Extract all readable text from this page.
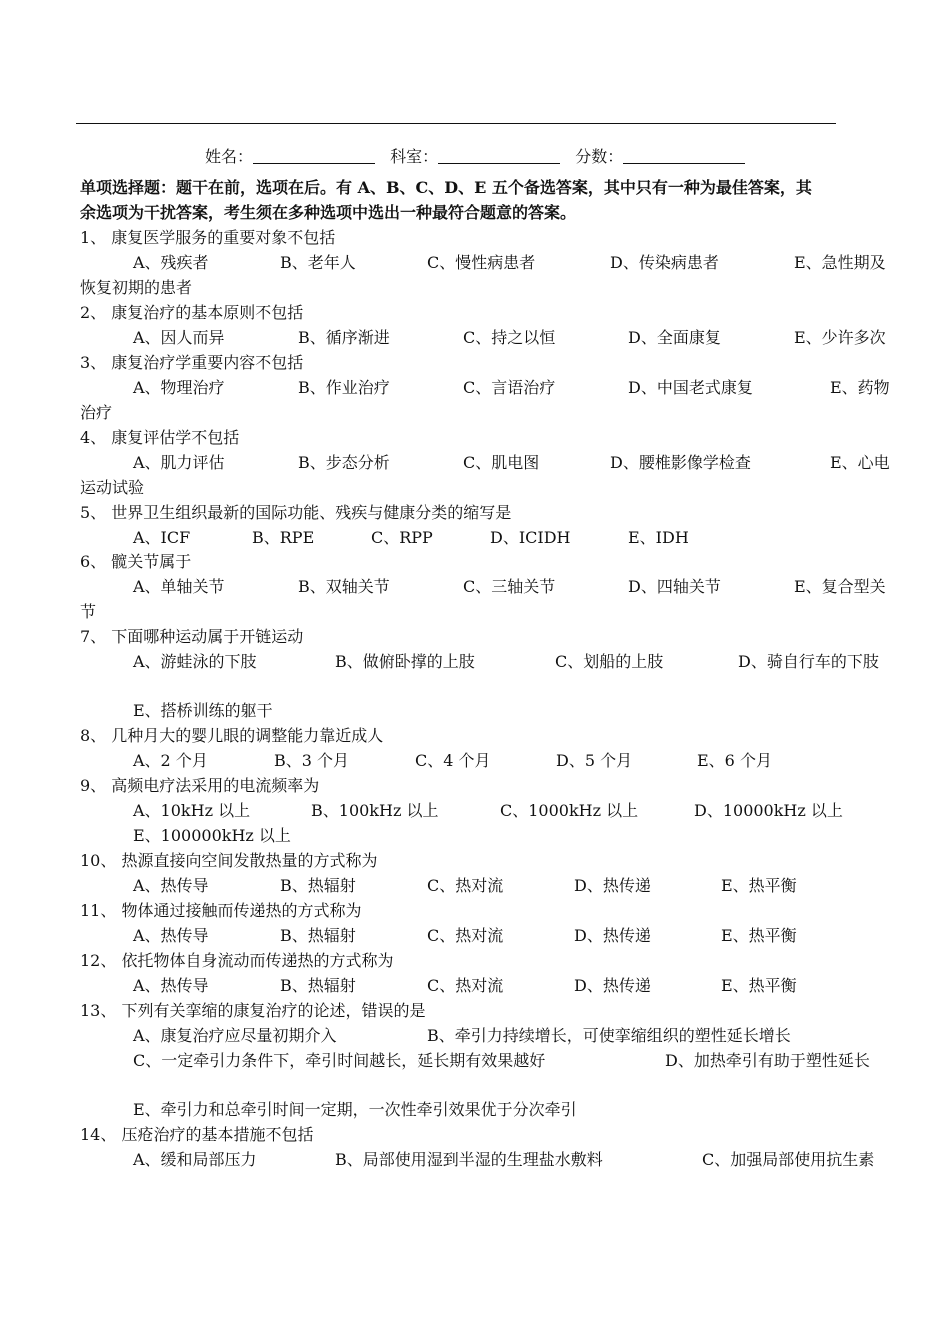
姓名：	科室：	分数：
单项选择题：题干在前，选项在后。有 A、B、C、D、E 五个备选答案，其中只有一种为最佳答案，其
余选项为干扰答案，考生须在多种选项中选出一种最符合题意的答案。
1、 康复医学服务的重要对象不包括
A、残疾者	B、老年人	C、慢性病患者	D、传染病患者	E、急性期及
恢复初期的患者
2、 康复治疗的基本原则不包括
A、因人而异	B、循序渐进	C、持之以恒	D、全面康复	E、少许多次
3、 康复治疗学重要内容不包括
A、物理治疗	B、作业治疗	C、言语治疗	D、中国老式康复	E、药物
治疗
4、 康复评估学不包括
A、肌力评估	B、步态分析	C、肌电图	D、腰椎影像学检查	E、心电
运动试验
5、 世界卫生组织最新的国际功能、残疾与健康分类的缩写是
A、ICF	B、RPE	C、RPP	D、ICIDH	E、IDH
6、 髋关节属于
A、单轴关节	B、双轴关节	C、三轴关节	D、四轴关节	E、复合型关
节
7、 下面哪种运动属于开链运动
A、游蛙泳的下肢	B、做俯卧撑的上肢	C、划船的上肢	D、骑自行车的下肢
E、搭桥训练的躯干
8、 几种月大的婴儿眼的调整能力靠近成人
A、2 个月	B、3 个月	C、4 个月	D、5 个月	E、6 个月
9、 高频电疗法采用的电流频率为
A、10kHz 以上	B、100kHz 以上	C、1000kHz 以上	D、10000kHz 以上
E、100000kHz 以上
10、 热源直接向空间发散热量的方式称为
A、热传导	B、热辐射	C、热对流	D、热传递	E、热平衡
11、 物体通过接触而传递热的方式称为
A、热传导	B、热辐射	C、热对流	D、热传递	E、热平衡
12、 依托物体自身流动而传递热的方式称为
A、热传导	B、热辐射	C、热对流	D、热传递	E、热平衡
13、 下列有关挛缩的康复治疗的论述，错误的是
A、康复治疗应尽量初期介入	B、牵引力持续增长，可使挛缩组织的塑性延长增长
C、一定牵引力条件下，牵引时间越长，延长期有效果越好	D、加热牵引有助于塑性延长
E、牵引力和总牵引时间一定期，一次性牵引效果优于分次牵引
14、 压疮治疗的基本措施不包括
A、缓和局部压力	B、局部使用湿到半湿的生理盐水敷料	C、加强局部使用抗生素
